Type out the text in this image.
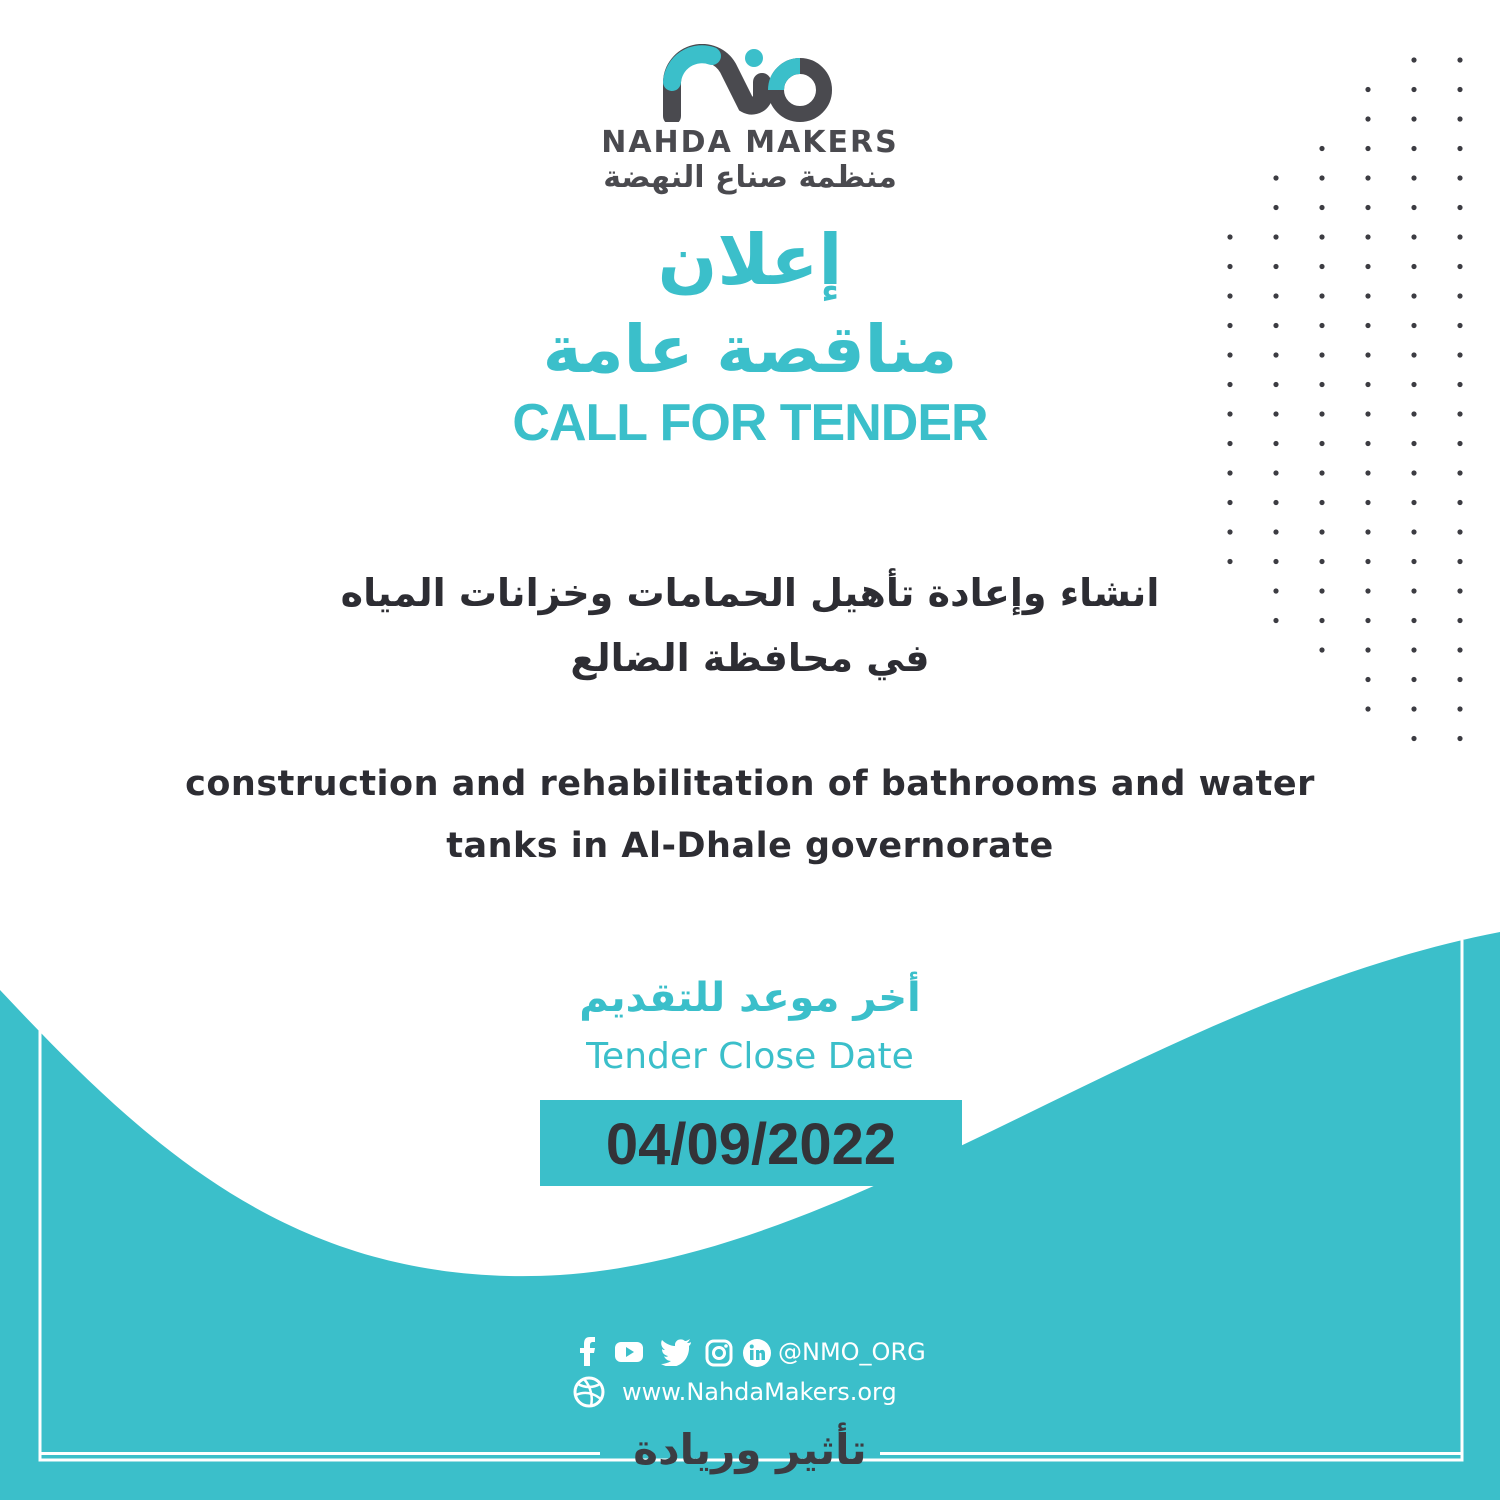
NAHDA MAKERS
منظمة صناع النهضة
إعلان
مناقصة عامة
CALL FOR TENDER
انشاء وإعادة تأهيل الحمامات وخزانات المياه
في محافظة الضالع
construction and rehabilitation of bathrooms and water
tanks in Al-Dhale governorate
أخر موعد للتقديم
Tender Close Date
04/09/2022
@NMO_ORG
www.NahdaMakers.org
تأثير وريادة
